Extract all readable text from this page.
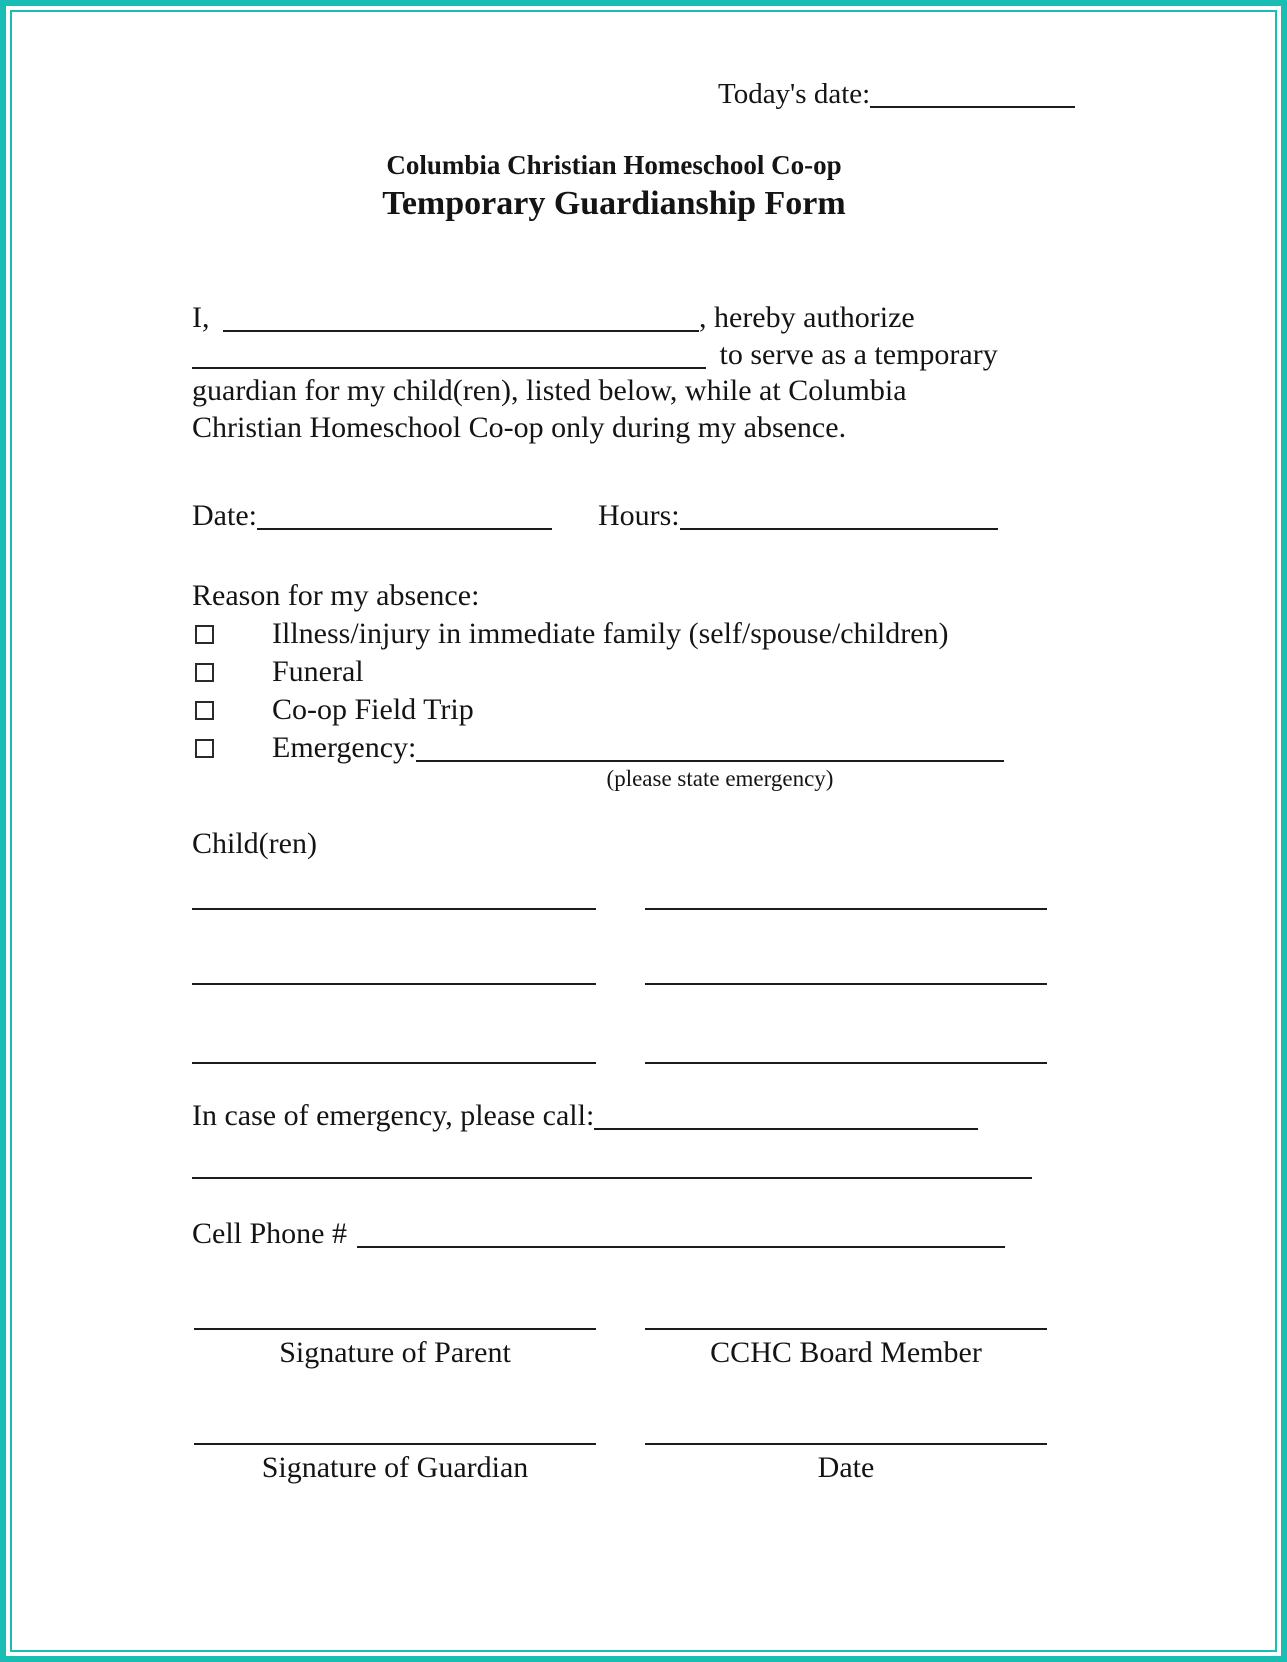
Today's date:
Columbia Christian Homeschool Co-op
Temporary Guardianship Form
I,	, hereby authorize
to serve as a temporary
guardian for my child(ren), listed below, while at Columbia
Christian Homeschool Co-op only during my absence.
Date:	Hours:
Reason for my absence:
Illness/injury in immediate family (self/spouse/children)
Funeral
Co-op Field Trip
Emergency:
(please state emergency)
Child(ren)
In case of emergency, please call:
Cell Phone #
Signature of Parent	CCHC Board Member
Signature of Guardian	Date
